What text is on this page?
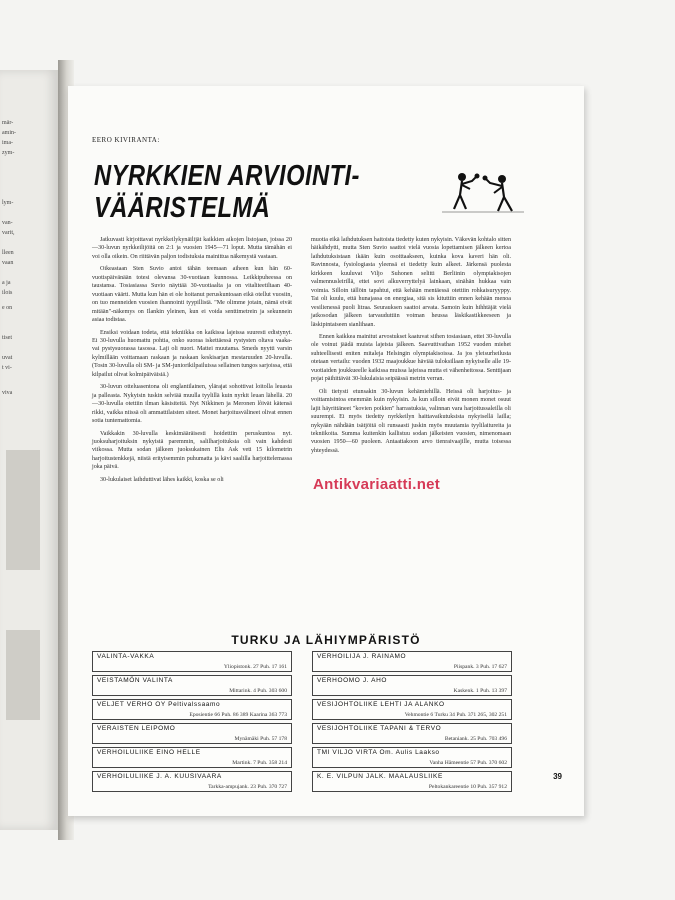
mär-
amin-
ima-
zym-
lym-
van-
varit,
lleen
vaan
a ja
ilois
e on
tiset
uvat
t vi-
viva
EERO KIVIRANTA:
NYRKKIEN ARVIOINTI-
VÄÄRISTELMÄ

Jatkuvasti kirjoittavat nyrkkeilykynäilijät kaikkien aikojen listojaan, joissa 20—30-luvun nyrkkeilijöitä on 2:1 ja vuosien 1945—71 loput. Mutta tämähän ei voi olla oikein. On riittävän paljon todistuksia mainittua näkemystä vastaan.

Oikeastaan Sten Suvio antoi tähän teemaan aiheen kun hän 60-vuotispäivänään totesi olevansa 30-vuotiaan kunnossa. Leikkipuheessa on taustansa. Tosiasiassa Suvio näyttää 30-vuotiaalta ja on vitaliteetiltaan 40-vuotiaan väärti. Mutta kun hän ei ole hoitanut peruskuntoaan eikä otellut vuosiin, on tuo menneiden vuosien ihannointi tyypillistä. "Me olimme jotain, nämä eivät mitään"-näkemys on Ilankin yleinen, kun ei voida senttimetrein ja sekunnein asiaa todistaa.

Ensiksi voidaan todeta, että tekniikka on kaikissa lajeissa suuresti edistynyt. Ei 30-luvulla huomattu pohtia, onko suoraa iskettäessä rystysten oltava vaaka- vai pystysuorassa tasossa. Laji oli nuori. Mattei muutama. Smeds nyytti varsin kylmillään voittamaan raskaan ja raskaan keskisarjan mestaruuden 20-luvulla. (Tosin 30-luvulla oli SM- ja SM-juniorikilpailuissa sellainen tungos sarjoissa, että kilpailut olivat kolmipäiväisiä.)

30-luvun otteluasentona oli englantilainen, ylärajat sohottivat loitolla leuasta ja palleasta. Nykyisin tuskin selviää muulla tyylillä kuin nyrkit leuan lähellä. 20—30-luvulla otettiin ilman käsisiteitä. Nyt Nikkinen ja Meronen lõivät kätensä rikki, vaikka niissä oli ammattilaisten siteet. Monet harjoitusvälineet olivat ennen sotia tuntemattomia.

Vaikkakin 30-luvulla keskimääräisesti hoidettiin peruskuntoa nyt. juoksuharjoituksin nykyistä paremmin, salilharjoituksia oli vain kahdesti viikossa. Mutta sodan jälkeen juoksukainen Elis Ask veti 15 kilometrin harjoitustenkkejä, niistä erityisemmin puhumatta ja kävi saalilla harjoittelemassa joka päivä.

30-lukulaiset laihduttivat lähes kaikki, koska se oli

muotia eikä laihdutuksen haitoista tiedetty kuten nykyisin. Väkevän kohtalo sitten häikähdytti, mutta Sten Suvio saattoi vielä vuosia lopettamisen jälkeen kertoa laihdutuksistaan ikään kuin osoittaakseen, kuinka kova kaveri hän oli. Ravinnosta, fysiologiasta yleensä ei tiedetty kuin alkeet. Järkensä puolesta kirkkeen kuuluvat Viljo Suhonen selitti Berliinin olympiakisojen valmennusleirillä, ettei sovi alkuverryttelyä lainkaan, sinähän hukkaa vain voimia. Silloin tällöin tapahtui, että kehään mentäessä otettiin rohkaisuryyppy. Tai oli kuulu, että hunajassa on energiaa, sitä sis kituttiin ennen kehään menoa vesilienessä puoli litraa. Seurauksen saattoi arvata. Samoin kuin hihhtäjät vielä jatkosodan jälkeen tarvauduttiin voiman heussa läskikastikkeeseen ja läskipintaiseen sianlihaan.

Ennen kaikkea mainitut arvostukset kaatuvat siihen tosiasiaan, ettei 30-luvulla ole voinut jäädä muista lajeista jälkeen. Saavuttivathan 1952 vuoden miehet suhteellisesti eniten mitaleja Helsingin olympiakisoissa. Ja jos yleisurheilusta otetaan vertailu: vuoden 1932 maajoukkue häviää tuloksillaan nykyiselle alle 19-vuotiaiden joukkueelle kaikissa muissa lajeissa mutta ei vähenheitossa. Senttijaan pojat päihittävät 30-lukulaisia seipäässä metrin verran.

Oli tietysti etunsakin 30-luvun kehämiehillä. Heissä oli harjoitus- ja voittamisintoa enemmän kuin nykyisin. Ja kun silloin eivät monen monet osuut lajit häyrittäneet "kovien poikien" harrastuksia, valinnan vara harjoitussaleilla oli suurempi. Ei myös tiedetty nyrkkeilyn haittavaikutuksista nykyisellä lailla; nykyään nähdään isätjöitä oli runsaasti juskin myös muutamia tyylilaitureita ja tekniikoita. Summa kuitenkin kallistuu sodan jälkeisten vuosien, nimenomaan vuosien 1950—60 puoleen. Antaattakoon arvo tienraivaajille, mutta toisessa yhteydessä.

Antikvariaatti.net
TURKU JA LÄHIYMPÄRISTÖ
VALINTA-VAKKA
Yliopistonk. 27 Puh. 17 161
VEISTAMÖN VALINTA
Mittarink. 4 Puh. 303 600
VELJET VERHO OY Peltivalssaamo
Eposientie 66 Puh. 86 389 Kaarina 363 773
VERAISTEN LEIPOMO
Mynämäki Puh. 57 178
VERHOILULIIKE EINO HELLE
Martink. 7 Puh. 358 214
VERHOILULIIKE J. A. KUUSIVAARA
Tarkka-ampujank. 23 Puh. 370 727
VERHOILIJA J. RAINAMO
Piispank. 3 Puh. 17 627
VERHOOMO J. AHO
Kaskenk. 1 Puh. 13 397
VESIJOHTOLIIKE LEHTI JA ALANKO
Vehmontie 6 Turku 34 Puh. 371 265, 302 251
VESIJOHTOLIIKE TAPANI & TERVO
Betaniank. 25 Puh. 703 496
TMI VILJO VIRTA Om. Aulis Laakso
Vanha Hämeentie 57 Puh. 370 602
K. E. VILPUN JALK. MAALAUSLIIKE
Peltokankareentie 10 Puh. 357 912
39
